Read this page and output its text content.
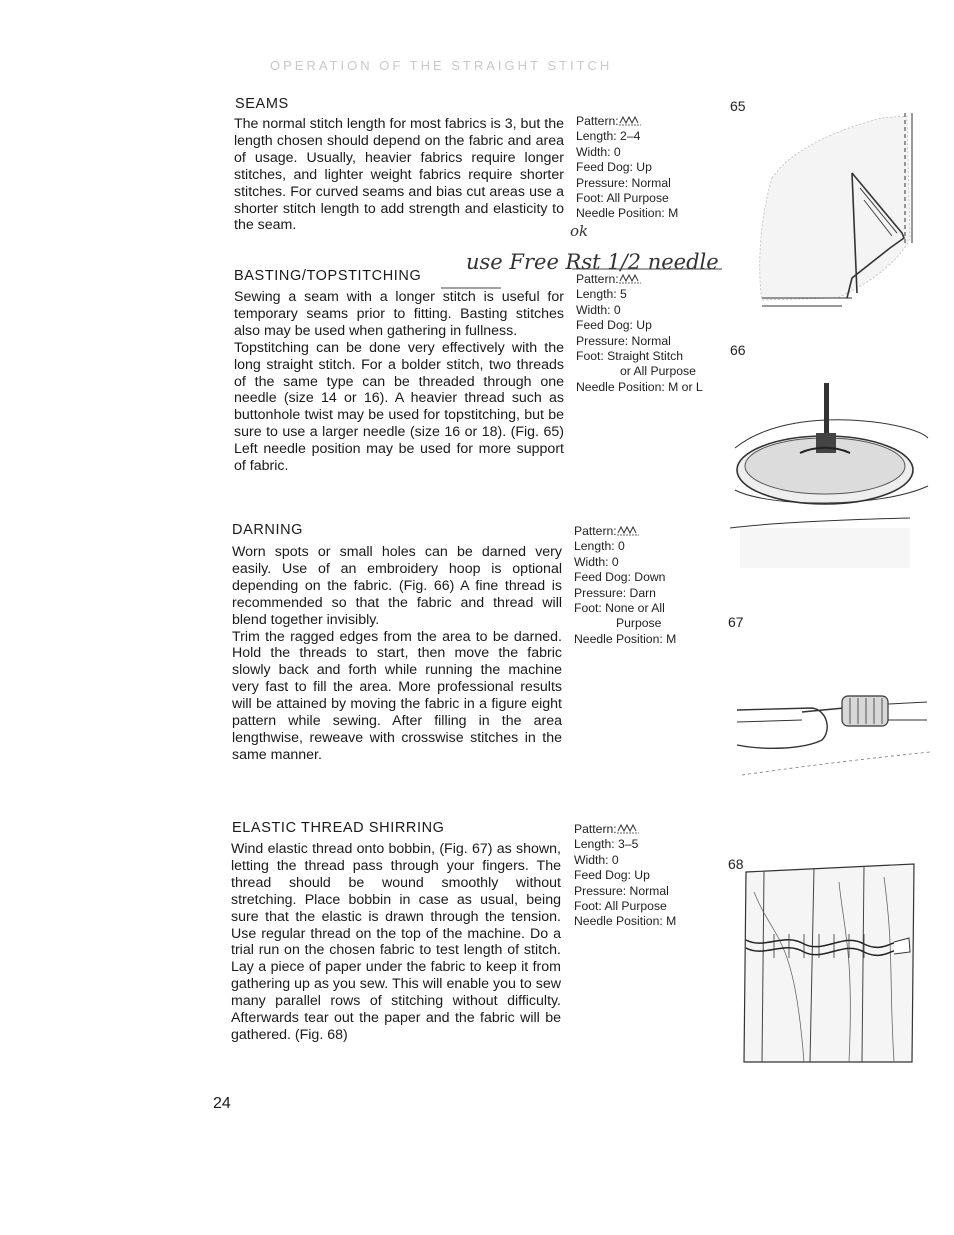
OPERATION OF THE STRAIGHT STITCH
SEAMS

The normal stitch length for most fabrics is 3, but the length chosen should depend on the fabric and area of usage. Usually, heavier fabrics require longer stitches, and lighter weight fabrics require shorter stitches. For curved seams and bias cut areas use a shorter stitch length to add strength and elasticity to the seam.

Pattern:
Length: 2–4
Width: 0
Feed Dog: Up
Pressure: Normal
Foot: All Purpose
Needle Position: M
ok
use Free Rst 1/2 needle
BASTING/TOPSTITCHING

Sewing a seam with a longer stitch is useful for temporary seams prior to fitting. Basting stitches also may be used when gathering in fullness.

Topstitching can be done very effectively with the long straight stitch. For a bolder stitch, two threads of the same type can be threaded through one needle (size 14 or 16). A heavier thread such as buttonhole twist may be used for topstitching, but be sure to use a larger needle (size 16 or 18). (Fig. 65) Left needle position may be used for more support of fabric.

Pattern:
Length: 5
Width: 0
Feed Dog: Up
Pressure: Normal
Foot: Straight Stitch
or All Purpose
Needle Position: M or L
DARNING

Worn spots or small holes can be darned very easily. Use of an embroidery hoop is optional depending on the fabric. (Fig. 66) A fine thread is recommended so that the fabric and thread will blend together invisibly.

Trim the ragged edges from the area to be darned. Hold the threads to start, then move the fabric slowly back and forth while running the machine very fast to fill the area. More professional results will be attained by moving the fabric in a figure eight pattern while sewing. After filling in the area lengthwise, reweave with crosswise stitches in the same manner.

Pattern:
Length: 0
Width: 0
Feed Dog: Down
Pressure: Darn
Foot: None or All
Purpose
Needle Position: M
ELASTIC THREAD SHIRRING

Wind elastic thread onto bobbin, (Fig. 67) as shown, letting the thread pass through your fingers. The thread should be wound smoothly without stretching. Place bobbin in case as usual, being sure that the elastic is drawn through the tension. Use regular thread on the top of the machine. Do a trial run on the chosen fabric to test length of stitch. Lay a piece of paper under the fabric to keep it from gathering up as you sew. This will enable you to sew many parallel rows of stitching without difficulty. Afterwards tear out the paper and the fabric will be gathered. (Fig. 68)

Pattern:
Length: 3–5
Width: 0
Feed Dog: Up
Pressure: Normal
Foot: All Purpose
Needle Position: M
65
66
67
68
24
